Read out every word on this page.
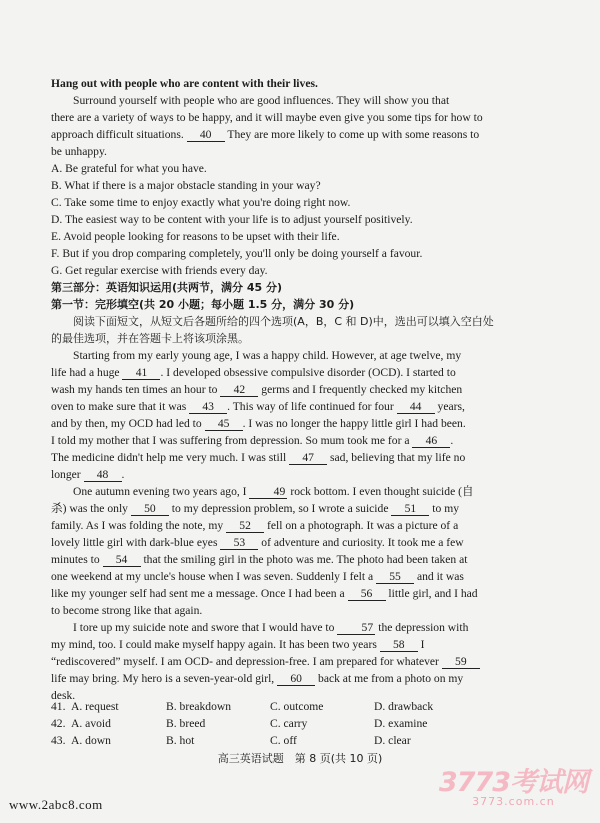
Hang out with people who are content with their lives.
Surround yourself with people who are good influences. They will show you that
there are a variety of ways to be happy, and it will maybe even give you some tips for how to
approach difficult situations. 40 They are more likely to come up with some reasons to
be unhappy.
A. Be grateful for what you have.
B. What if there is a major obstacle standing in your way?
C. Take some time to enjoy exactly what you're doing right now.
D. The easiest way to be content with your life is to adjust yourself positively.
E. Avoid people looking for reasons to be upset with their life.
F. But if you drop comparing completely, you'll only be doing yourself a favour.
G. Get regular exercise with friends every day.
第三部分：英语知识运用(共两节，满分 45 分)
第一节：完形填空(共 20 小题；每小题 1.5 分，满分 30 分)
阅读下面短文，从短文后各题所给的四个选项(A，B，C 和 D)中，选出可以填入空白处
的最佳选项，并在答题卡上将该项涂黑。
Starting from my early young age, I was a happy child. However, at age twelve, my
life had a huge 41 . I developed obsessive compulsive disorder (OCD). I started to
wash my hands ten times an hour to 42 germs and I frequently checked my kitchen
oven to make sure that it was 43 . This way of life continued for four 44 years,
and by then, my OCD had led to 45 . I was no longer the happy little girl I had been.
I told my mother that I was suffering from depression. So mum took me for a 46 .
The medicine didn't help me very much. I was still 47 sad, believing that my life no
longer 48 .
One autumn evening two years ago, I 49 rock bottom. I even thought suicide (自
杀) was the only 50 to my depression problem, so I wrote a suicide 51 to my
family. As I was folding the note, my 52 fell on a photograph. It was a picture of a
lovely little girl with dark-blue eyes 53 of adventure and curiosity. It took me a few
minutes to 54 that the smiling girl in the photo was me. The photo had been taken at
one weekend at my uncle's house when I was seven. Suddenly I felt a 55 and it was
like my younger self had sent me a message. Once I had been a 56 little girl, and I had
to become strong like that again.
I tore up my suicide note and swore that I would have to 57 the depression with
my mind, too. I could make myself happy again. It has been two years 58 I
“rediscovered” myself. I am OCD- and depression-free. I am prepared for whatever 59
life may bring. My hero is a seven-year-old girl, 60 back at me from a photo on my
desk.
41. A. request	B. breakdown	C. outcome	D. drawback
42. A. avoid	B. breed	C. carry	D. examine
43. A. down	B. hot	C. off	D. clear
高三英语试题　第 8 页(共 10 页)
www.2abc8.com
3773考试网
3773.com.cn
